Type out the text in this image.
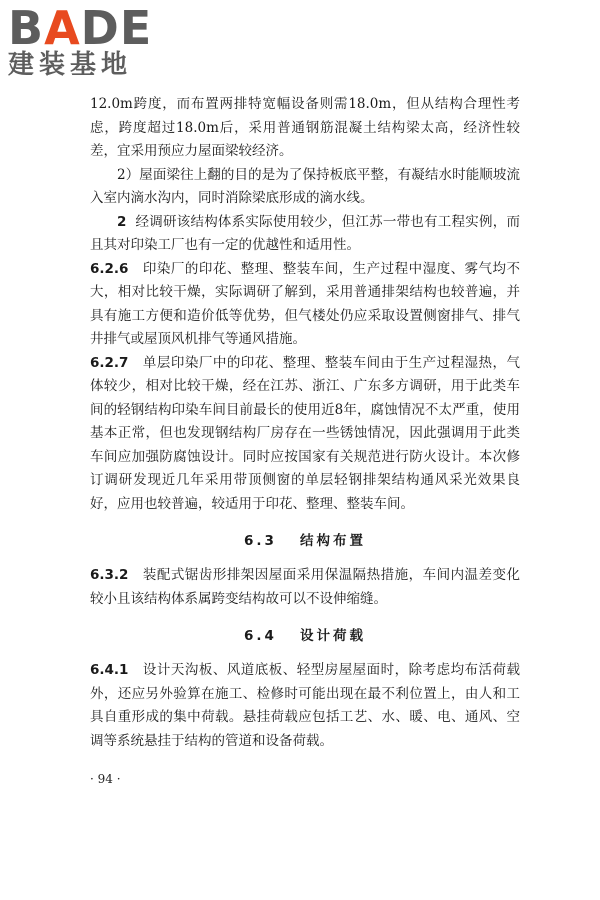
BADE
建装基地

12.0m跨度，而布置两排特宽幅设备则需18.0m，但从结构合理性考虑，跨度超过18.0m后，采用普通钢筋混凝土结构梁太高，经济性较差，宜采用预应力屋面梁较经济。

2）屋面梁往上翻的目的是为了保持板底平整，有凝结水时能顺坡流入室内滴水沟内，同时消除梁底形成的滴水线。

2 经调研该结构体系实际使用较少，但江苏一带也有工程实例，而且其对印染工厂也有一定的优越性和适用性。

6.2.6 印染厂的印花、整理、整装车间，生产过程中湿度、雾气均不大，相对比较干燥，实际调研了解到，采用普通排架结构也较普遍，并具有施工方便和造价低等优势，但气楼处仍应采取设置侧窗排气、排气井排气或屋顶风机排气等通风措施。

6.2.7 单层印染厂中的印花、整理、整装车间由于生产过程湿热，气体较少，相对比较干燥，经在江苏、浙江、广东多方调研，用于此类车间的轻钢结构印染车间目前最长的使用近8年，腐蚀情况不太严重，使用基本正常，但也发现钢结构厂房存在一些锈蚀情况，因此强调用于此类车间应加强防腐蚀设计。同时应按国家有关规范进行防火设计。本次修订调研发现近几年采用带顶侧窗的单层轻钢排架结构通风采光效果良好，应用也较普遍，较适用于印花、整理、整装车间。

6.3 结构布置

6.3.2 装配式锯齿形排架因屋面采用保温隔热措施，车间内温差变化较小且该结构体系属跨变结构故可以不设伸缩缝。

6.4 设计荷载

6.4.1 设计天沟板、风道底板、轻型房屋屋面时，除考虑均布活荷载外，还应另外验算在施工、检修时可能出现在最不利位置上，由人和工具自重形成的集中荷载。悬挂荷载应包括工艺、水、暖、电、通风、空调等系统悬挂于结构的管道和设备荷载。

· 94 ·
